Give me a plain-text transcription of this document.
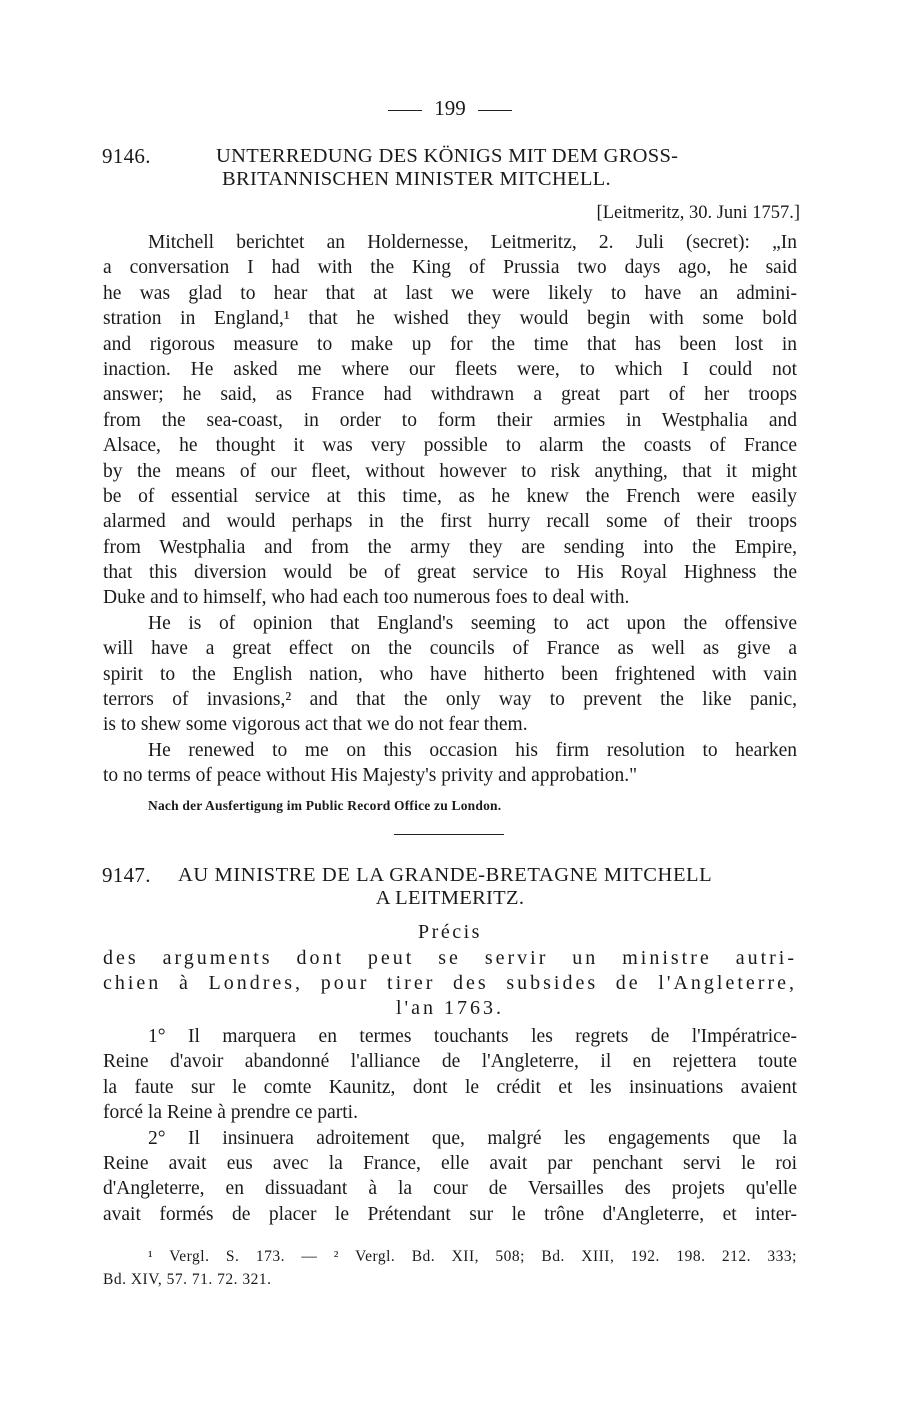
199
9146.	UNTERREDUNG DES KÖNIGS MIT DEM GROSS-
BRITANNISCHEN MINISTER MITCHELL.
[Leitmeritz, 30. Juni 1757.]
Mitchell berichtet an Holdernesse, Leitmeritz, 2. Juli (secret): „In
a conversation I had with the King of Prussia two days ago, he said
he was glad to hear that at last we were likely to have an admini-
stration in England,¹ that he wished they would begin with some bold
and rigorous measure to make up for the time that has been lost in
inaction. He asked me where our fleets were, to which I could not
answer; he said, as France had withdrawn a great part of her troops
from the sea-coast, in order to form their armies in Westphalia and
Alsace, he thought it was very possible to alarm the coasts of France
by the means of our fleet, without however to risk anything, that it might
be of essential service at this time, as he knew the French were easily
alarmed and would perhaps in the first hurry recall some of their troops
from Westphalia and from the army they are sending into the Empire,
that this diversion would be of great service to His Royal Highness the
Duke and to himself, who had each too numerous foes to deal with.
He is of opinion that England's seeming to act upon the offensive
will have a great effect on the councils of France as well as give a
spirit to the English nation, who have hitherto been frightened with vain
terrors of invasions,² and that the only way to prevent the like panic,
is to shew some vigorous act that we do not fear them.
He renewed to me on this occasion his firm resolution to hearken
to no terms of peace without His Majesty's privity and approbation."
Nach der Ausfertigung im Public Record Office zu London.
9147.	AU MINISTRE DE LA GRANDE-BRETAGNE MITCHELL
A LEITMERITZ.
Précis
des arguments dont peut se servir un ministre autri-
chien à Londres, pour tirer des subsides de l'Angleterre,
l'an 1763.
1° Il marquera en termes touchants les regrets de l'Impératrice-
Reine d'avoir abandonné l'alliance de l'Angleterre, il en rejettera toute
la faute sur le comte Kaunitz, dont le crédit et les insinuations avaient
forcé la Reine à prendre ce parti.
2° Il insinuera adroitement que, malgré les engagements que la
Reine avait eus avec la France, elle avait par penchant servi le roi
d'Angleterre, en dissuadant à la cour de Versailles des projets qu'elle
avait formés de placer le Prétendant sur le trône d'Angleterre, et inter-
¹ Vergl. S. 173. — ² Vergl. Bd. XII, 508; Bd. XIII, 192. 198. 212. 333;
Bd. XIV, 57. 71. 72. 321.
